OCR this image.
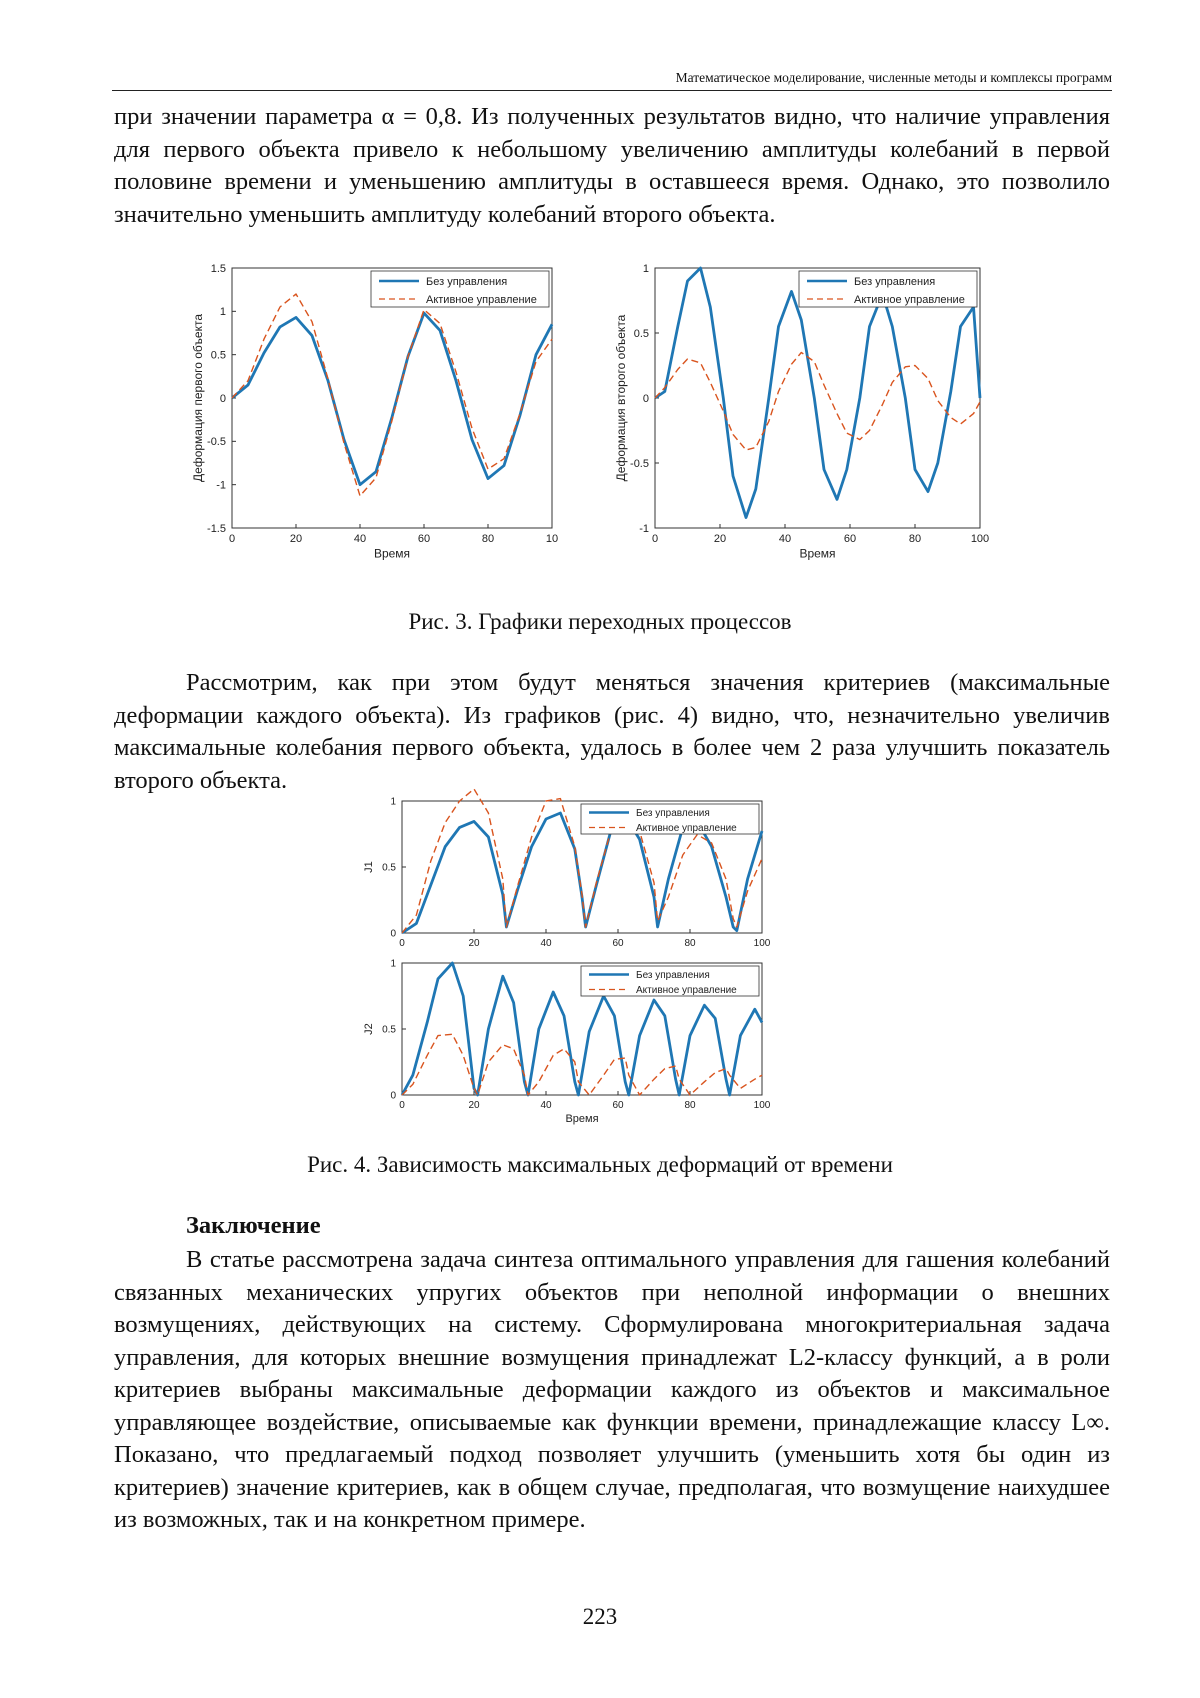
Математическое моделирование, численные методы и комплексы программ

при значении параметра α = 0,8. Из полученных результатов видно, что наличие управления для первого объекта привело к небольшому увеличению амплитуды колебаний в первой половине времени и уменьшению амплитуды в оставшееся время. Однако, это позволило значительно уменьшить амплитуду колебаний второго объекта.

0	20	40	60	80	10
-1.5
-1
-0.5
0
0.5
1
1.5
Время
Деформация первого объекта
Без управления
Активное управление
0	20	40	60	80	100
-1
-0.5
0
0.5
1
Время
Деформация второго объекта
Без управления
Активное управление
Рис. 3. Графики переходных процессов

Рассмотрим, как при этом будут меняться значения критериев (максимальные деформации каждого объекта). Из графиков (рис. 4) видно, что, незначительно увеличив максимальные колебания первого объекта, удалось в более чем 2 раза улучшить показатель второго объекта.

0	20	40	60	80	100
0
0.5
1
J1
Без управления
Активное управление
0	20	40	60	80	100
0
0.5
1
Время
J2
Без управления
Активное управление
Рис. 4. Зависимость максимальных деформаций от времени
Заключение

В статье рассмотрена задача синтеза оптимального управления для гашения колебаний связанных механических упругих объектов при неполной информации о внешних возмущениях, действующих на систему. Сформулирована многокритериальная задача управления, для которых внешние возмущения принадлежат L2-классу функций, а в роли критериев выбраны максимальные деформации каждого из объектов и максимальное управляющее воздействие, описываемые как функции времени, принадлежащие классу L∞. Показано, что предлагаемый подход позволяет улучшить (уменьшить хотя бы один из критериев) значение критериев, как в общем случае, предполагая, что возмущение наихудшее из возможных, так и на конкретном примере.

223
